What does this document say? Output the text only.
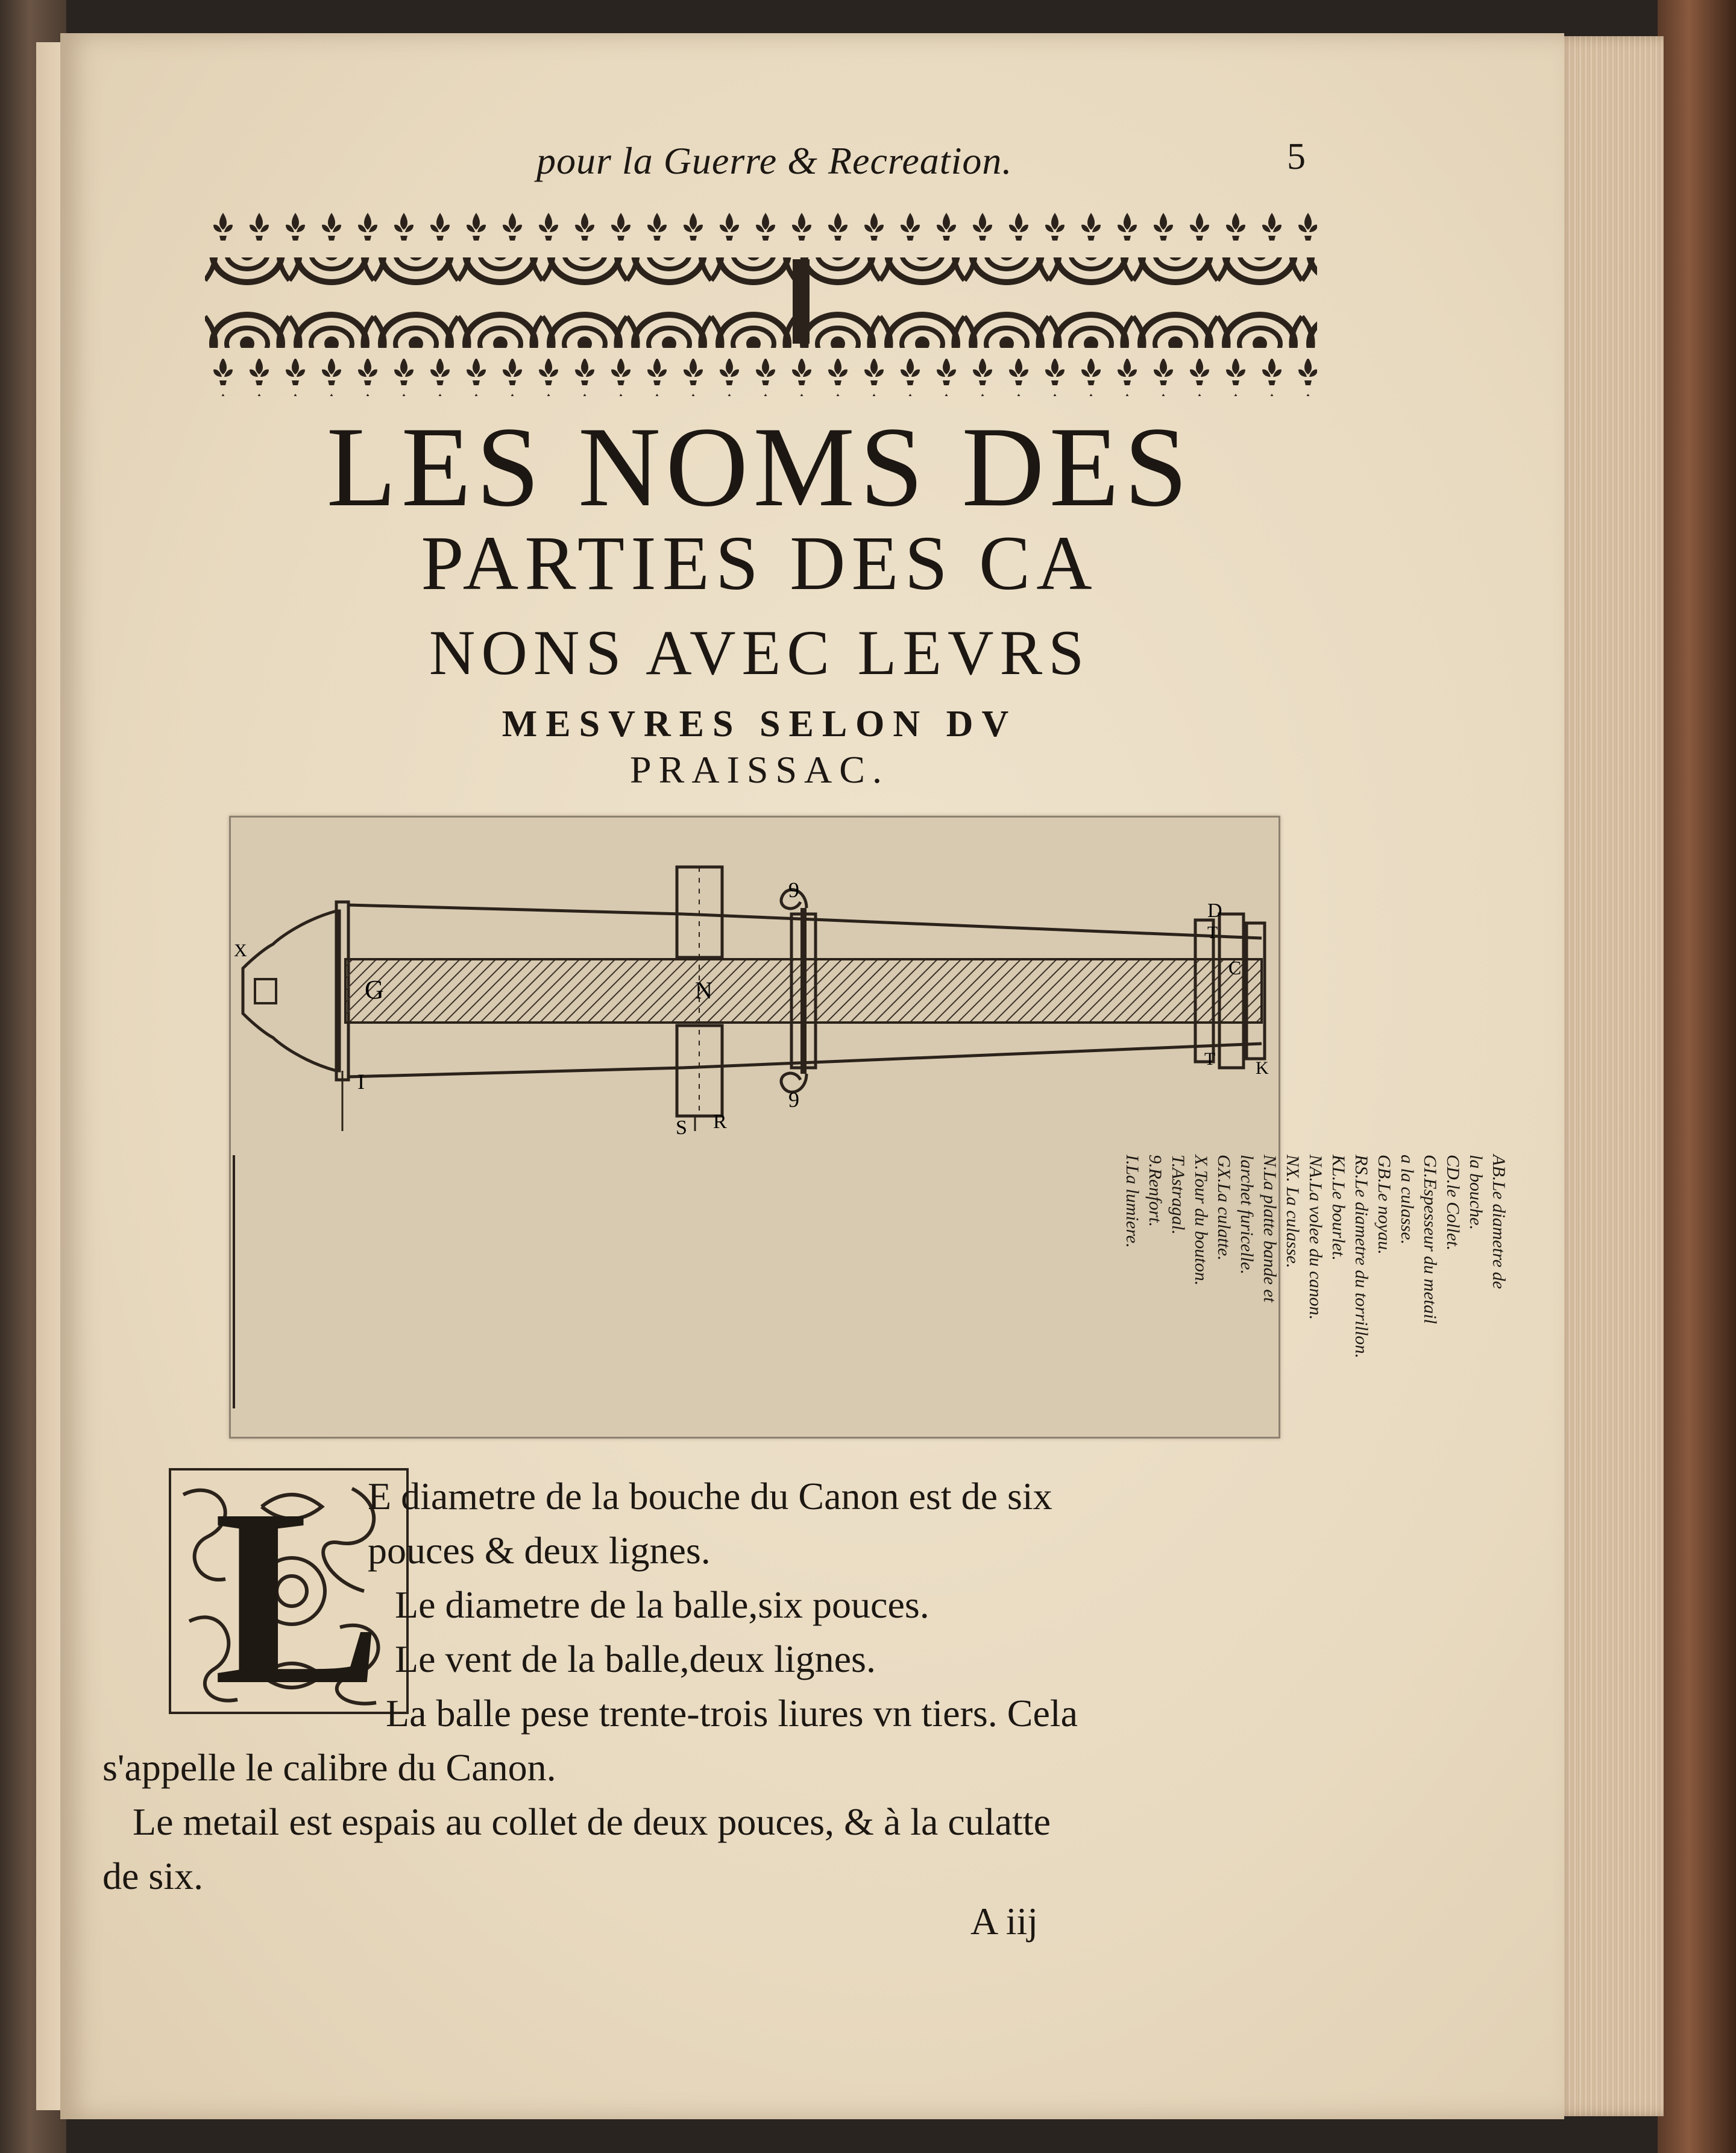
pour la Guerre & Recreation.	5
LES NOMS DES
PARTIES DES CA
NONS AVEC LEVRS
MESVRES SELON DV
PRAISSAC.
X
G	N
I
S R
9
9
D
T
C
T K
AB.Le diametre de
la bouche.
CD.le Collet.
GI.Espesseur du metail
a la culasse.
GB.Le noyau.
RS.Le diametre du torrillon.
KL.Le bourlet.
NA.La volee du canon.
NX. La culasse.
N.La platte bande et
larchet furicelle.
GX.La culatte.
X.Tour du bouton.
T.Astragal.
9.Renfort.
I.La lumiere.
L
E diametre de la bouche du Canon est de six
pouces & deux lignes.
Le diametre de la balle,six pouces.
Le vent de la balle,deux lignes.
La balle pese trente-trois liures vn tiers. Cela
s'appelle le calibre du Canon.
Le metail est espais au collet de deux pouces, & à la culatte
de six.
A iij
